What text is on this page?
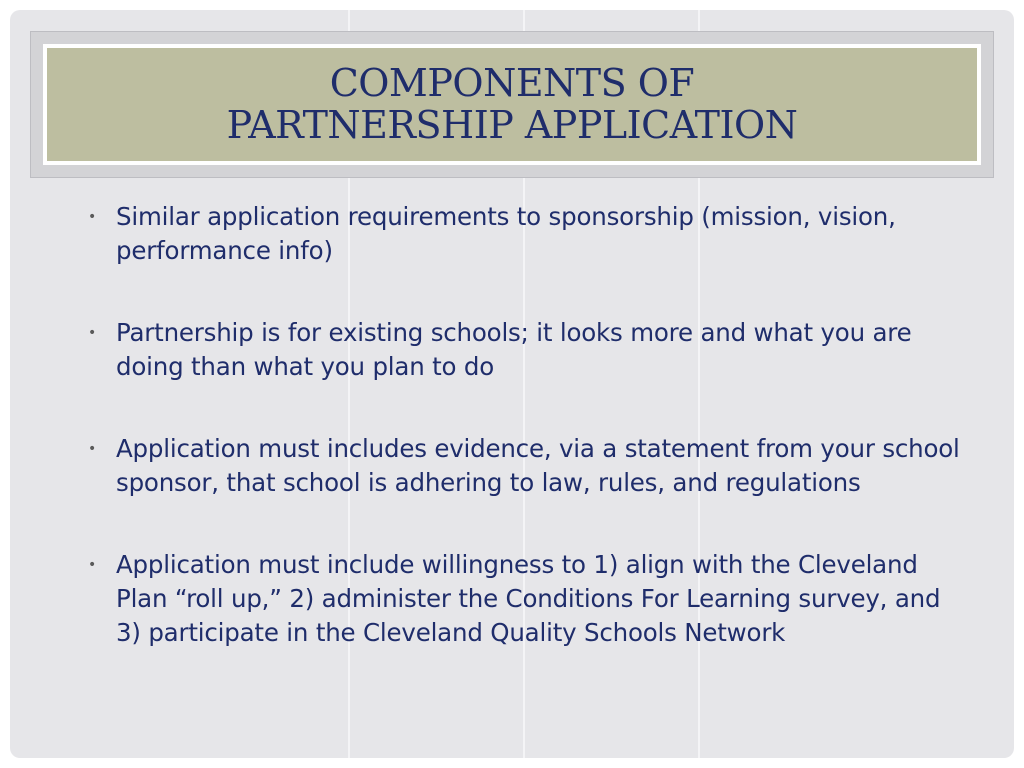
COMPONENTS OF
PARTNERSHIP APPLICATION
• Similar application requirements to sponsorship (mission, vision, performance info)
• Partnership is for existing schools; it looks more and what you are doing than what you plan to do
• Application must includes evidence, via a statement from your school sponsor, that school is adhering to law, rules, and regulations
• Application must include willingness to 1) align with the Cleveland Plan “roll up,” 2) administer the Conditions For Learning survey, and 3) participate in the Cleveland Quality Schools Network
